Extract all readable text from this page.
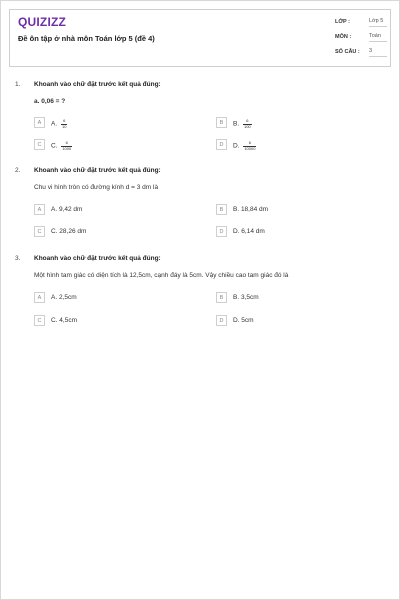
QUIZIZZ
Đề ôn tập ở nhà môn Toán lớp 5 (đề 4)
LỚP :	Lớp 5
MÔN :	Toán
SỐ CÂU : 3
1. Khoanh vào chữ đặt trước kết quả đúng:
a. 0,06 = ?
A	A. $\frac{6}{10}$	B	B. $\frac{6}{100}$
C	C. $\frac{6}{1000}$	D	D. $\frac{6}{10000}$
2. Khoanh vào chữ đặt trước kết quả đúng:
Chu vi hình tròn có đường kính d = 3 dm là
A	A. 9,42 dm	B	B. 18,84 dm
C	C. 28,26 dm	D	D. 6,14 dm
3. Khoanh vào chữ đặt trước kết quả đúng:
Một hình tam giác có diện tích là 12,5cm, cạnh đáy là 5cm. Vậy chiều cao tam giác đó là
A	A. 2,5cm	B	B. 3,5cm
C	C. 4,5cm	D	D. 5cm
